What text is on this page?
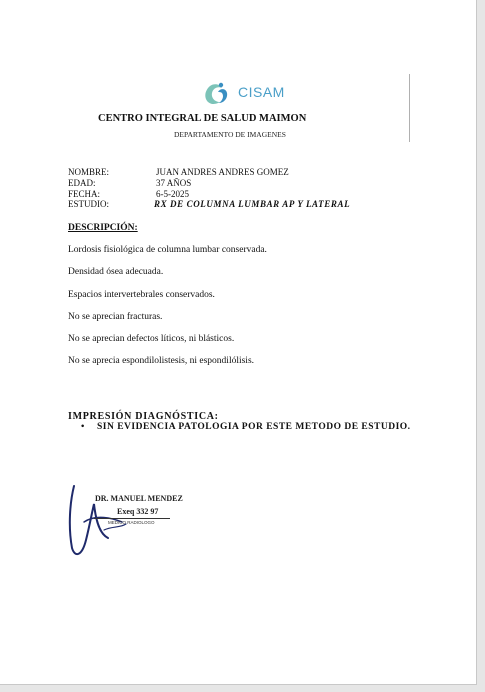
CISAM
CENTRO INTEGRAL DE SALUD MAIMON
DEPARTAMENTO DE IMAGENES
NOMBRE:	JUAN ANDRES ANDRES GOMEZ
EDAD:	37 AÑOS
FECHA:	6-5-2025
ESTUDIO:	RX DE COLUMNA LUMBAR AP Y LATERAL
DESCRIPCIÓN:
Lordosis fisiológica de columna lumbar conservada.
Densidad ósea adecuada.
Espacios intervertebrales conservados.
No se aprecian fracturas.
No se aprecian defectos líticos, ni blásticos.
No se aprecia espondilolistesis, ni espondilólisis.
IMPRESIÓN DIAGNÓSTICA:
• SIN EVIDENCIA PATOLOGIA POR ESTE METODO DE ESTUDIO.
DR. MANUEL MENDEZ
Exeq 332 97
MEDICO RADIOLOGO
